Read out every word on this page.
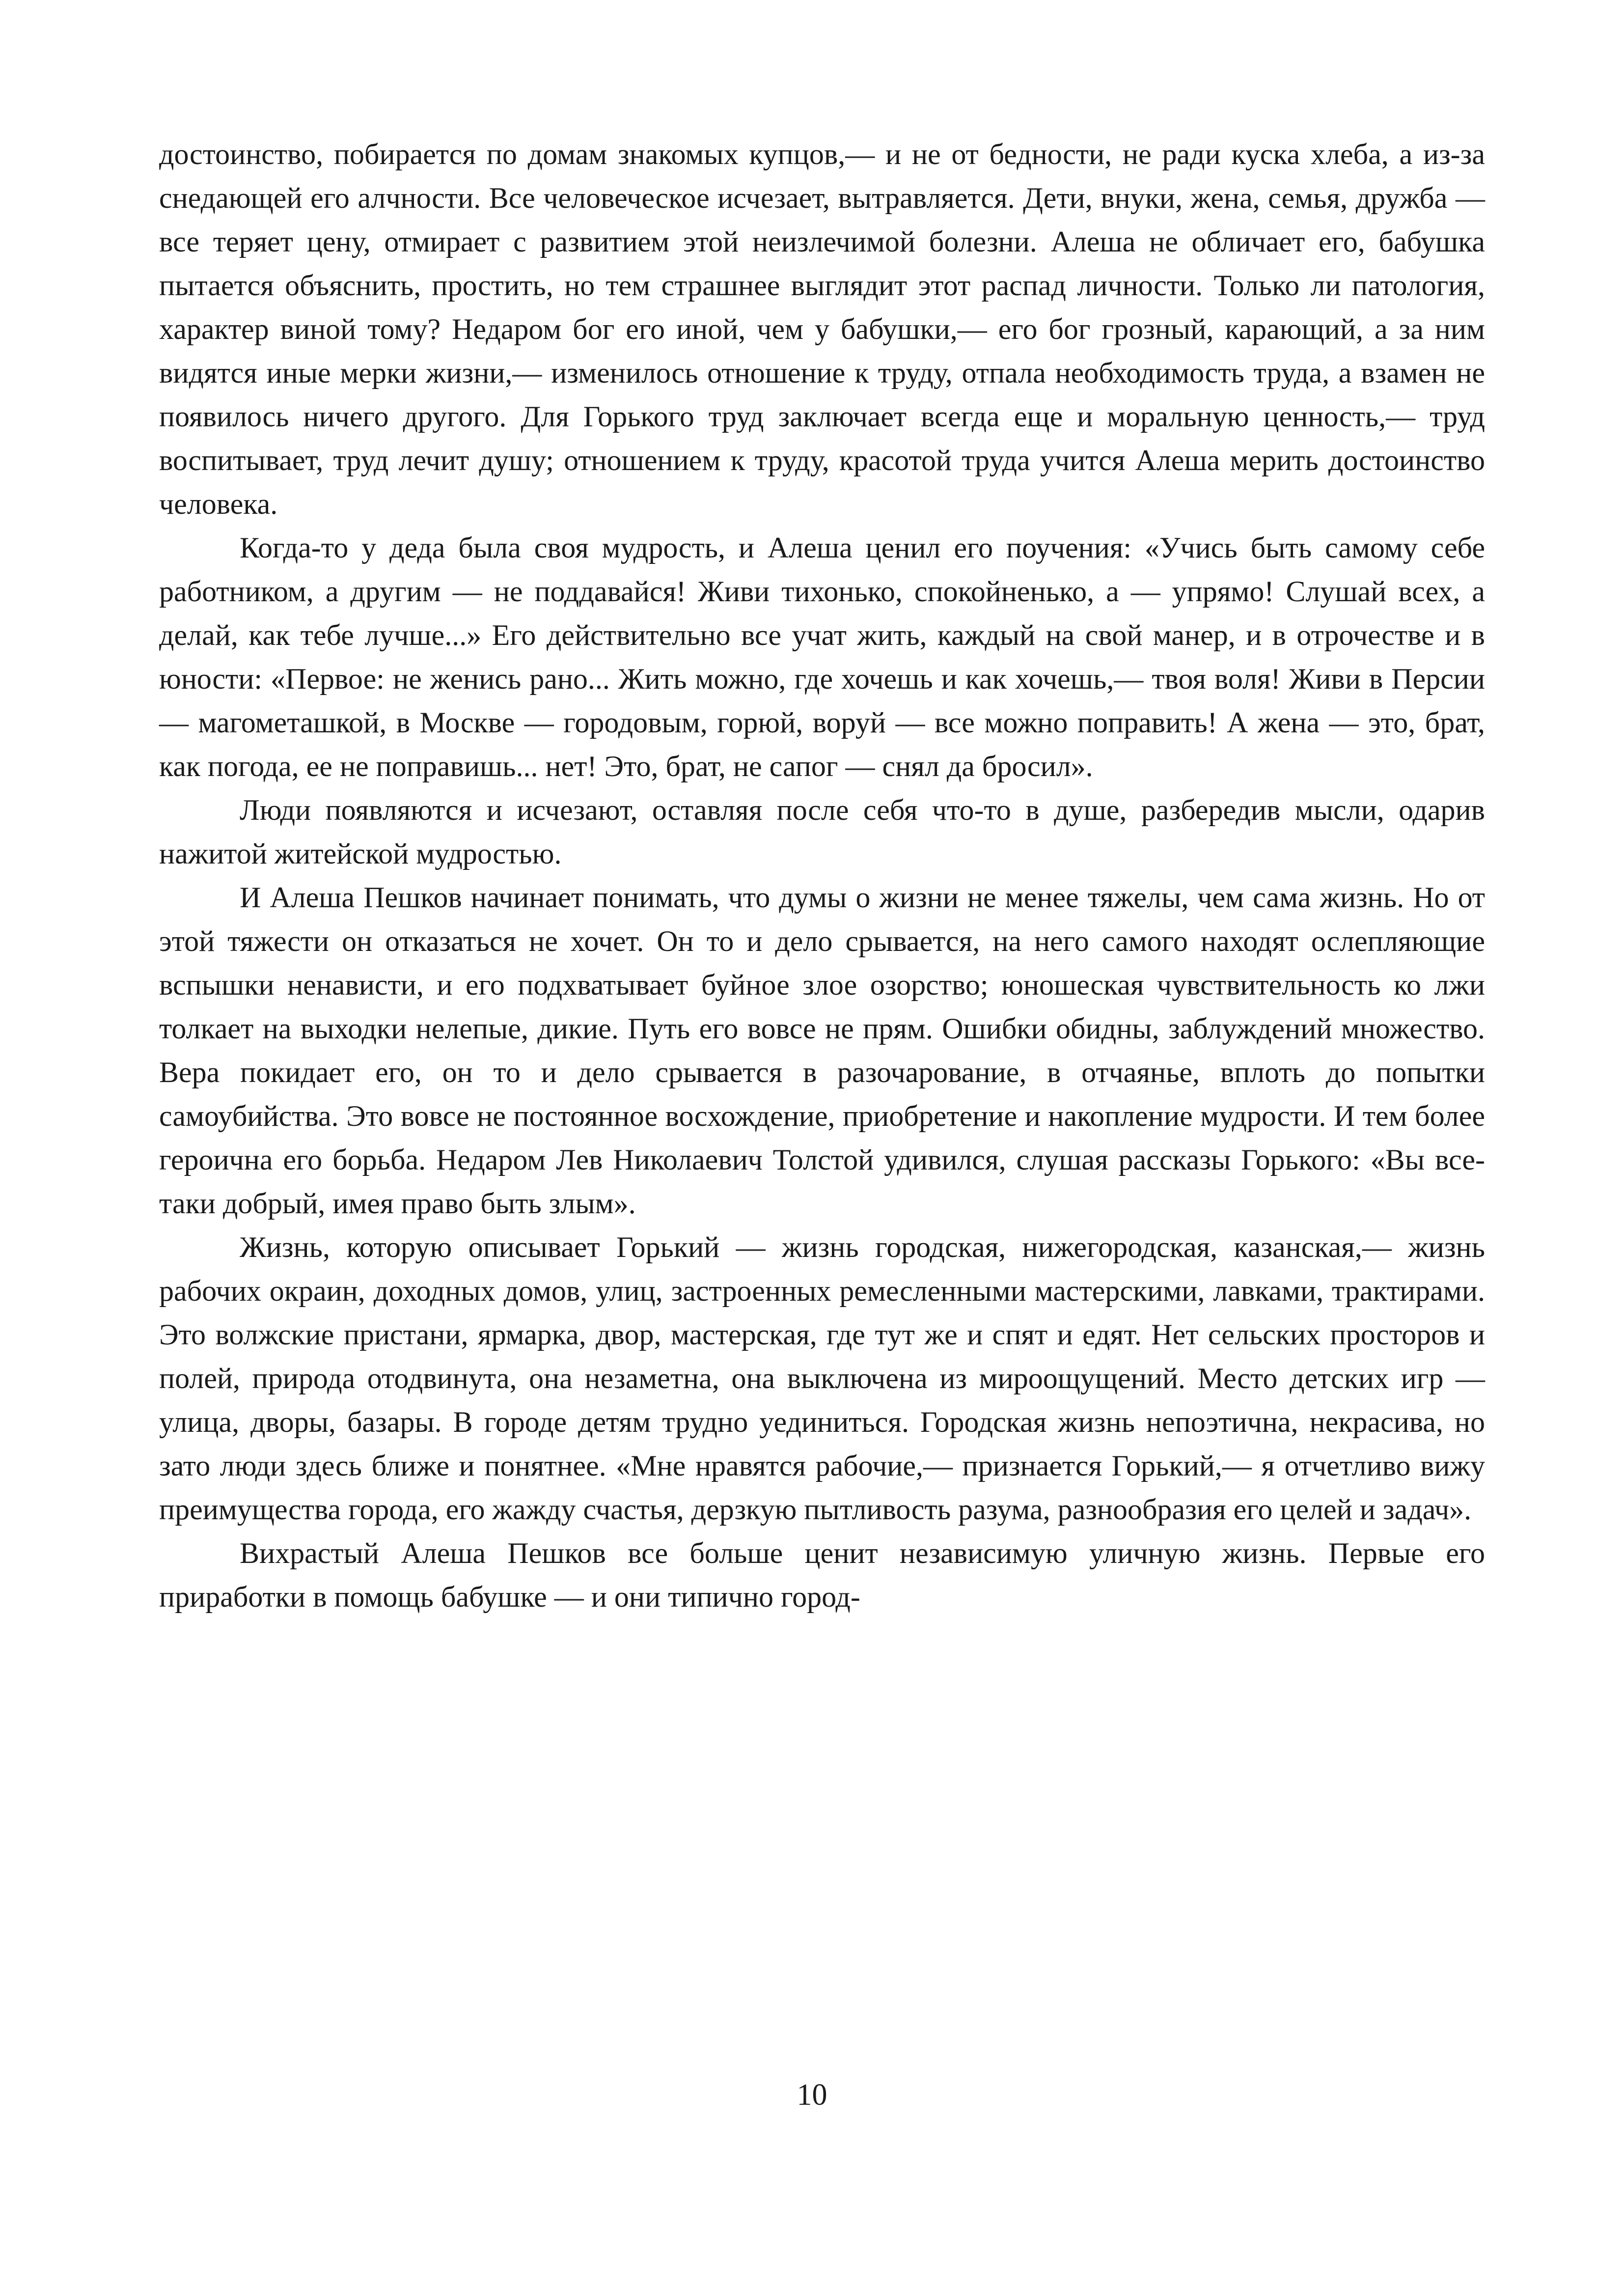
достоинство, побирается по домам знакомых купцов,— и не от бедности, не ради куска хлеба, а из-за снедающей его алчности. Все человеческое исчезает, вытравляется. Дети, внуки, жена, семья, дружба — все теряет цену, отмирает с развитием этой неизлечимой болезни. Алеша не обличает его, бабушка пытается объяснить, простить, но тем страшнее выглядит этот распад личности. Только ли патология, характер виной тому? Недаром бог его иной, чем у бабушки,— его бог грозный, карающий, а за ним видятся иные мерки жизни,— изменилось отношение к труду, отпала необходимость труда, а взамен не появилось ничего другого. Для Горького труд заключает всегда еще и моральную ценность,— труд воспитывает, труд лечит душу; отношением к труду, красотой труда учится Алеша мерить достоинство человека.

Когда-то у деда была своя мудрость, и Алеша ценил его поучения: «Учись быть самому себе работником, а другим — не поддавайся! Живи тихонько, спокойненько, а — упрямо! Слушай всех, а делай, как тебе лучше...» Его действительно все учат жить, каждый на свой манер, и в отрочестве и в юности: «Первое: не женись рано... Жить можно, где хочешь и как хочешь,— твоя воля! Живи в Персии — магометашкой, в Москве — городовым, горюй, воруй — все можно поправить! А жена — это, брат, как погода, ее не поправишь... нет! Это, брат, не сапог — снял да бросил».

Люди появляются и исчезают, оставляя после себя что-то в душе, разбередив мысли, одарив нажитой житейской мудростью.

И Алеша Пешков начинает понимать, что думы о жизни не менее тяжелы, чем сама жизнь. Но от этой тяжести он отказаться не хочет. Он то и дело срывается, на него самого находят ослепляющие вспышки ненависти, и его подхватывает буйное злое озорство; юношеская чувствительность ко лжи толкает на выходки нелепые, дикие. Путь его вовсе не прям. Ошибки обидны, заблуждений множество. Вера покидает его, он то и дело срывается в разочарование, в отчаянье, вплоть до попытки самоубийства. Это вовсе не постоянное восхождение, приобретение и накопление мудрости. И тем более героична его борьба. Недаром Лев Николаевич Толстой удивился, слушая рассказы Горького: «Вы все-таки добрый, имея право быть злым».

Жизнь, которую описывает Горький — жизнь городская, нижегородская, казанская,— жизнь рабочих окраин, доходных домов, улиц, застроенных ремесленными мастерскими, лавками, трактирами. Это волжские пристани, ярмарка, двор, мастерская, где тут же и спят и едят. Нет сельских просторов и полей, природа отодвинута, она незаметна, она выключена из мироощущений. Место детских игр — улица, дворы, базары. В городе детям трудно уединиться. Городская жизнь непоэтична, некрасива, но зато люди здесь ближе и понятнее. «Мне нравятся рабочие,— признается Горький,— я отчетливо вижу преимущества города, его жажду счастья, дерзкую пытливость разума, разнообразия его целей и задач».

Вихрастый Алеша Пешков все больше ценит независимую уличную жизнь. Первые его приработки в помощь бабушке — и они типично город-

10
